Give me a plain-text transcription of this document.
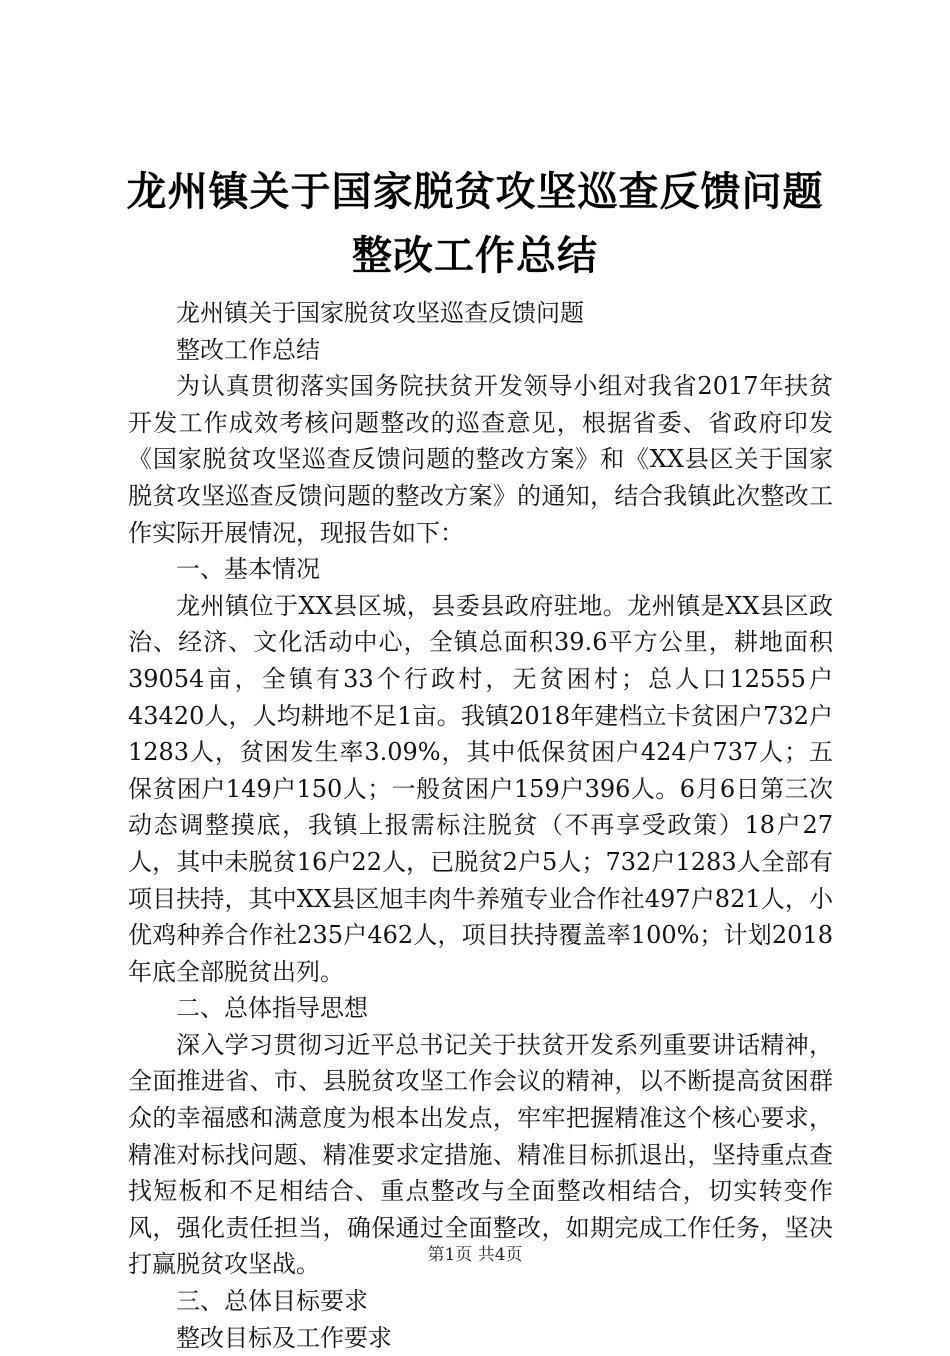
龙州镇关于国家脱贫攻坚巡查反馈问题整改工作总结

龙州镇关于国家脱贫攻坚巡查反馈问题

整改工作总结

为认真贯彻落实国务院扶贫开发领导小组对我省2017年扶贫开发工作成效考核问题整改的巡查意见，根据省委、省政府印发《国家脱贫攻坚巡查反馈问题的整改方案》和《XX县区关于国家脱贫攻坚巡查反馈问题的整改方案》的通知，结合我镇此次整改工作实际开展情况，现报告如下：

一、基本情况

龙州镇位于XX县区城，县委县政府驻地。龙州镇是XX县区政治、经济、文化活动中心，全镇总面积39.6平方公里，耕地面积39054亩，全镇有33个行政村，无贫困村；总人口12555户43420人，人均耕地不足1亩。我镇2018年建档立卡贫困户732户1283人，贫困发生率3.09%，其中低保贫困户424户737人；五保贫困户149户150人；一般贫困户159户396人。6月6日第三次动态调整摸底，我镇上报需标注脱贫（不再享受政策）18户27人，其中未脱贫16户22人，已脱贫2户5人；732户1283人全部有项目扶持，其中XX县区旭丰肉牛养殖专业合作社497户821人，小优鸡种养合作社235户462人，项目扶持覆盖率100%；计划2018年底全部脱贫出列。

二、总体指导思想

深入学习贯彻习近平总书记关于扶贫开发系列重要讲话精神，全面推进省、市、县脱贫攻坚工作会议的精神，以不断提高贫困群众的幸福感和满意度为根本出发点，牢牢把握精准这个核心要求，精准对标找问题、精准要求定措施、精准目标抓退出，坚持重点查找短板和不足相结合、重点整改与全面整改相结合，切实转变作风，强化责任担当，确保通过全面整改，如期完成工作任务，坚决打赢脱贫攻坚战。

三、总体目标要求

整改目标及工作要求

第1页 共4页
